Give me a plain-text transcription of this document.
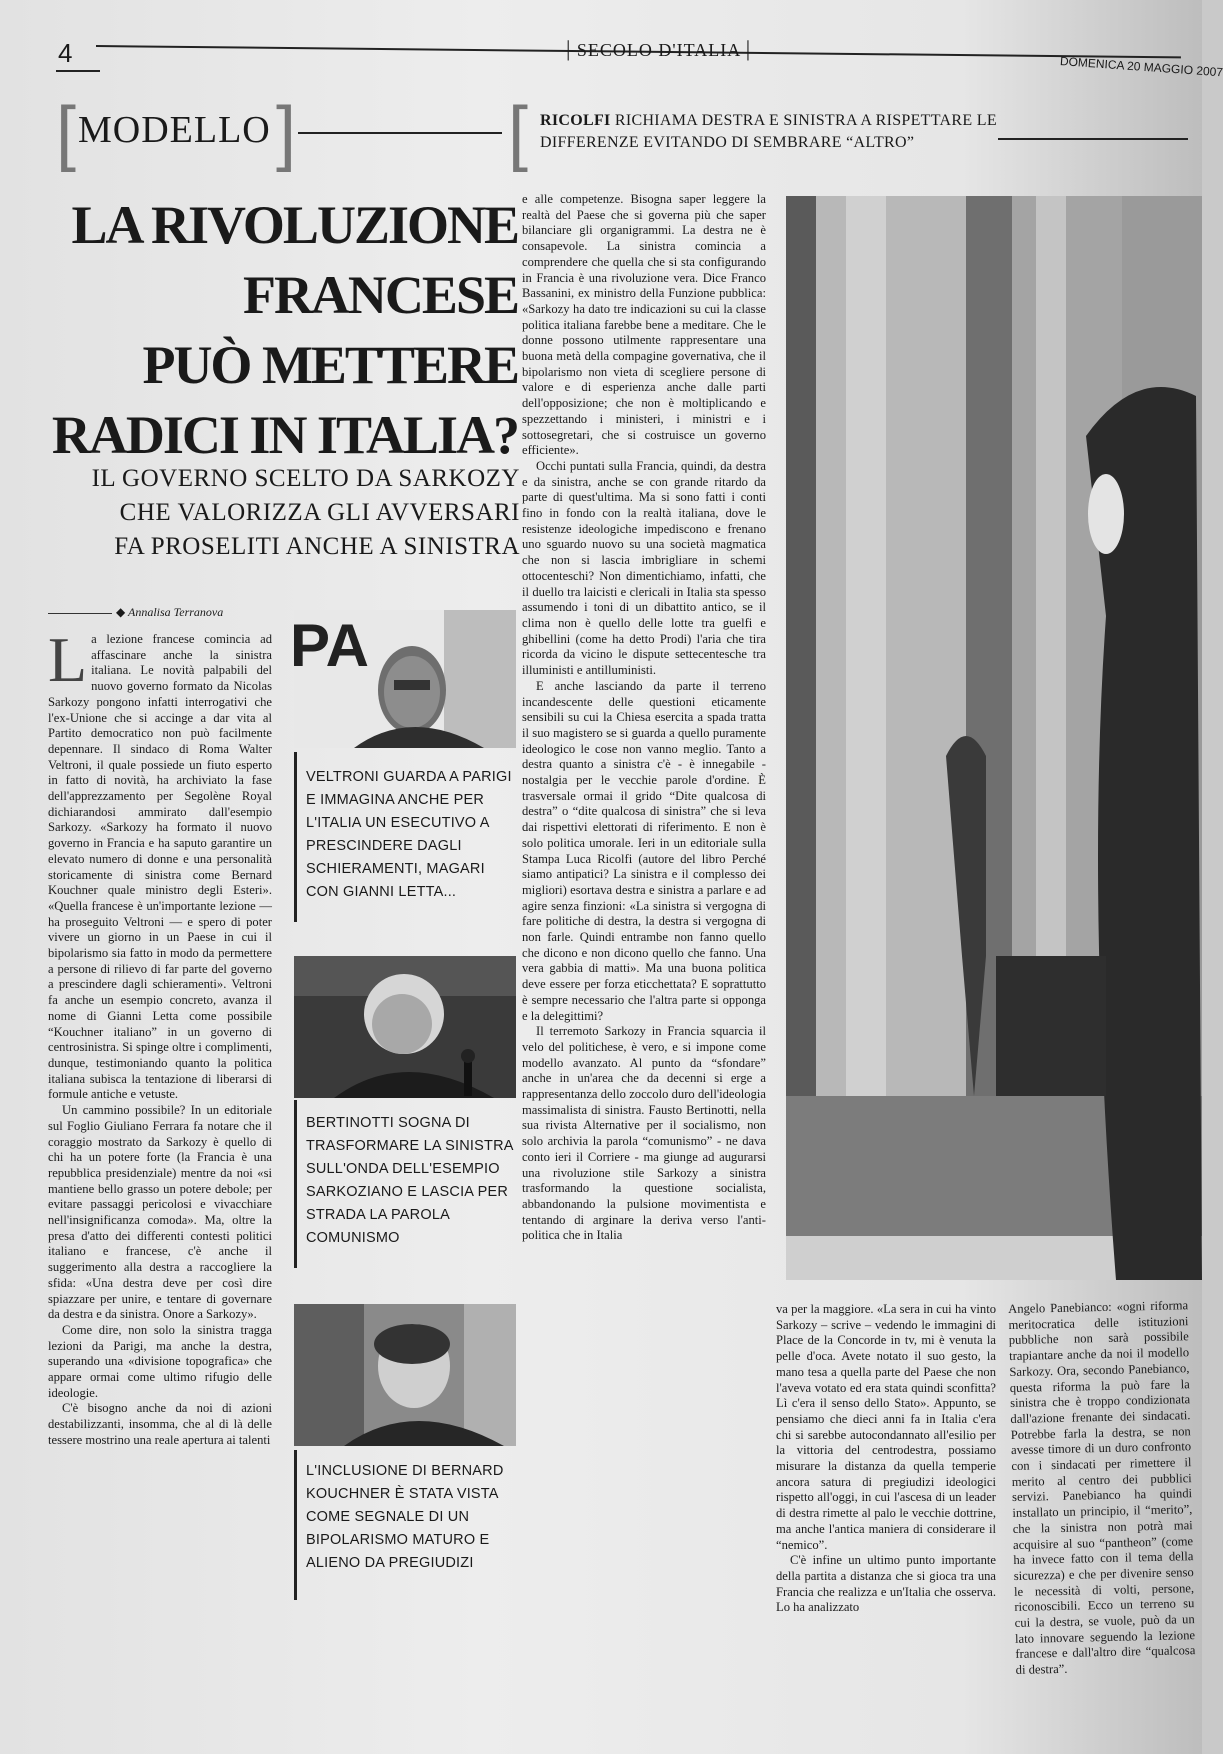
4	| SECOLO D'ITALIA |
DOMENICA 20 MAGGIO 2007
[ MODELLO ]	[ RICOLFI RICHIAMA DESTRA E SINISTRA A RISPETTARE LE DIFFERENZE EVITANDO DI SEMBRARE “ALTRO”
LA RIVOLUZIONE
FRANCESE
PUÒ METTERE
RADICI IN ITALIA?
IL GOVERNO SCELTO DA SARKOZY
CHE VALORIZZA GLI AVVERSARI
FA PROSELITI ANCHE A SINISTRA
◆ Annalisa Terranova

La lezione francese comincia ad affascinare anche la sinistra italiana. Le novità palpabili del nuovo governo formato da Nicolas Sarkozy pongono infatti interrogativi che l'ex-Unione che si accinge a dar vita al Partito democratico non può facilmente depennare. Il sindaco di Roma Walter Veltroni, il quale possiede un fiuto esperto in fatto di novità, ha archiviato la fase dell'apprezzamento per Segolène Royal dichiarandosi ammirato dall'esempio Sarkozy. «Sarkozy ha formato il nuovo governo in Francia e ha saputo garantire un elevato numero di donne e una personalità storicamente di sinistra come Bernard Kouchner quale ministro degli Esteri». «Quella francese è un'importante lezione — ha proseguito Veltroni — e spero di poter vivere un giorno in un Paese in cui il bipolarismo sia fatto in modo da permettere a persone di rilievo di far parte del governo a prescindere dagli schieramenti». Veltroni fa anche un esempio concreto, avanza il nome di Gianni Letta come possibile “Kouchner italiano” in un governo di centrosinistra. Si spinge oltre i complimenti, dunque, testimoniando quanto la politica italiana subisca la tentazione di liberarsi di formule antiche e vetuste.

Un cammino possibile? In un editoriale sul Foglio Giuliano Ferrara fa notare che il coraggio mostrato da Sarkozy è quello di chi ha un potere forte (la Francia è una repubblica presidenziale) mentre da noi «si mantiene bello grasso un potere debole; per evitare passaggi pericolosi e vivacchiare nell'insignificanza comoda». Ma, oltre la presa d'atto dei differenti contesti politici italiano e francese, c'è anche il suggerimento alla destra a raccogliere la sfida: «Una destra deve per così dire spiazzare per unire, e tentare di governare da destra e da sinistra. Onore a Sarkozy».

Come dire, non solo la sinistra tragga lezioni da Parigi, ma anche la destra, superando una «divisione topografica» che appare ormai come ultimo rifugio delle ideologie.

C'è bisogno anche da noi di azioni destabilizzanti, insomma, che al di là delle tessere mostrino una reale apertura ai talenti

PA
VELTRONI GUARDA A PARIGI E IMMAGINA ANCHE PER L'ITALIA UN ESECUTIVO A PRESCINDERE DAGLI SCHIERAMENTI, MAGARI CON GIANNI LETTA...
BERTINOTTI SOGNA DI TRASFORMARE LA SINISTRA SULL'ONDA DELL'ESEMPIO SARKOZIANO E LASCIA PER STRADA LA PAROLA COMUNISMO
L'INCLUSIONE DI BERNARD KOUCHNER È STATA VISTA COME SEGNALE DI UN BIPOLARISMO MATURO E ALIENO DA PREGIUDIZI

e alle competenze. Bisogna saper leggere la realtà del Paese che si governa più che saper bilanciare gli organigrammi. La destra ne è consapevole. La sinistra comincia a comprendere che quella che si sta configurando in Francia è una rivoluzione vera. Dice Franco Bassanini, ex ministro della Funzione pubblica: «Sarkozy ha dato tre indicazioni su cui la classe politica italiana farebbe bene a meditare. Che le donne possono utilmente rappresentare una buona metà della compagine governativa, che il bipolarismo non vieta di scegliere persone di valore e di esperienza anche dalle parti dell'opposizione; che non è moltiplicando e spezzettando i ministeri, i ministri e i sottosegretari, che si costruisce un governo efficiente».

Occhi puntati sulla Francia, quindi, da destra e da sinistra, anche se con grande ritardo da parte di quest'ultima. Ma si sono fatti i conti fino in fondo con la realtà italiana, dove le resistenze ideologiche impediscono e frenano uno sguardo nuovo su una società magmatica che non si lascia imbrigliare in schemi ottocenteschi? Non dimentichiamo, infatti, che il duello tra laicisti e clericali in Italia sta spesso assumendo i toni di un dibattito antico, se il clima non è quello delle lotte tra guelfi e ghibellini (come ha detto Prodi) l'aria che tira ricorda da vicino le dispute settecentesche tra illuministi e antilluministi.

E anche lasciando da parte il terreno incandescente delle questioni eticamente sensibili su cui la Chiesa esercita a spada tratta il suo magistero se si guarda a quello puramente ideologico le cose non vanno meglio. Tanto a destra quanto a sinistra c'è - è innegabile - nostalgia per le vecchie parole d'ordine. È trasversale ormai il grido “Dite qualcosa di destra” o “dite qualcosa di sinistra” che si leva dai rispettivi elettorati di riferimento. E non è solo politica umorale. Ieri in un editoriale sulla Stampa Luca Ricolfi (autore del libro Perché siamo antipatici? La sinistra e il complesso dei migliori) esortava destra e sinistra a parlare e ad agire senza finzioni: «La sinistra si vergogna di fare politiche di destra, la destra si vergogna di non farle. Quindi entrambe non fanno quello che dicono e non dicono quello che fanno. Una vera gabbia di matti». Ma una buona politica deve essere per forza eticchettata? E soprattutto è sempre necessario che l'altra parte si opponga e la delegittimi?

Il terremoto Sarkozy in Francia squarcia il velo del politichese, è vero, e si impone come modello avanzato. Al punto da “sfondare” anche in un'area che da decenni si erge a rappresentanza dello zoccolo duro dell'ideologia massimalista di sinistra. Fausto Bertinotti, nella sua rivista Alternative per il socialismo, non solo archivia la parola “comunismo” - ne dava conto ieri il Corriere - ma giunge ad augurarsi una rivoluzione stile Sarkozy a sinistra trasformando la questione socialista, abbandonando la pulsione movimentista e tentando di arginare la deriva verso l'anti-politica che in Italia

va per la maggiore. «La sera in cui ha vinto Sarkozy – scrive – vedendo le immagini di Place de la Concorde in tv, mi è venuta la pelle d'oca. Avete notato il suo gesto, la mano tesa a quella parte del Paese che non l'aveva votato ed era stata quindi sconfitta? Lì c'era il senso dello Stato». Appunto, se pensiamo che dieci anni fa in Italia c'era chi si sarebbe autocondannato all'esilio per la vittoria del centrodestra, possiamo misurare la distanza da quella temperie ancora satura di pregiudizi ideologici rispetto all'oggi, in cui l'ascesa di un leader di destra rimette al palo le vecchie dottrine, ma anche l'antica maniera di considerare il “nemico”.

C'è infine un ultimo punto importante della partita a distanza che si gioca tra una Francia che realizza e un'Italia che osserva. Lo ha analizzato

Angelo Panebianco: «ogni riforma meritocratica delle istituzioni pubbliche non sarà possibile trapiantare anche da noi il modello Sarkozy. Ora, secondo Panebianco, questa riforma la può fare la sinistra che è troppo condizionata dall'azione frenante dei sindacati. Potrebbe farla la destra, se non avesse timore di un duro confronto con i sindacati per rimettere il merito al centro dei pubblici servizi. Panebianco ha quindi installato un principio, il “merito”, che la sinistra non potrà mai acquisire al suo “pantheon” (come ha invece fatto con il tema della sicurezza) e che per divenire senso le necessità di volti, persone, riconoscibili. Ecco un terreno su cui la destra, se vuole, può da un lato innovare seguendo la lezione francese e dall'altro dire “qualcosa di destra”.
